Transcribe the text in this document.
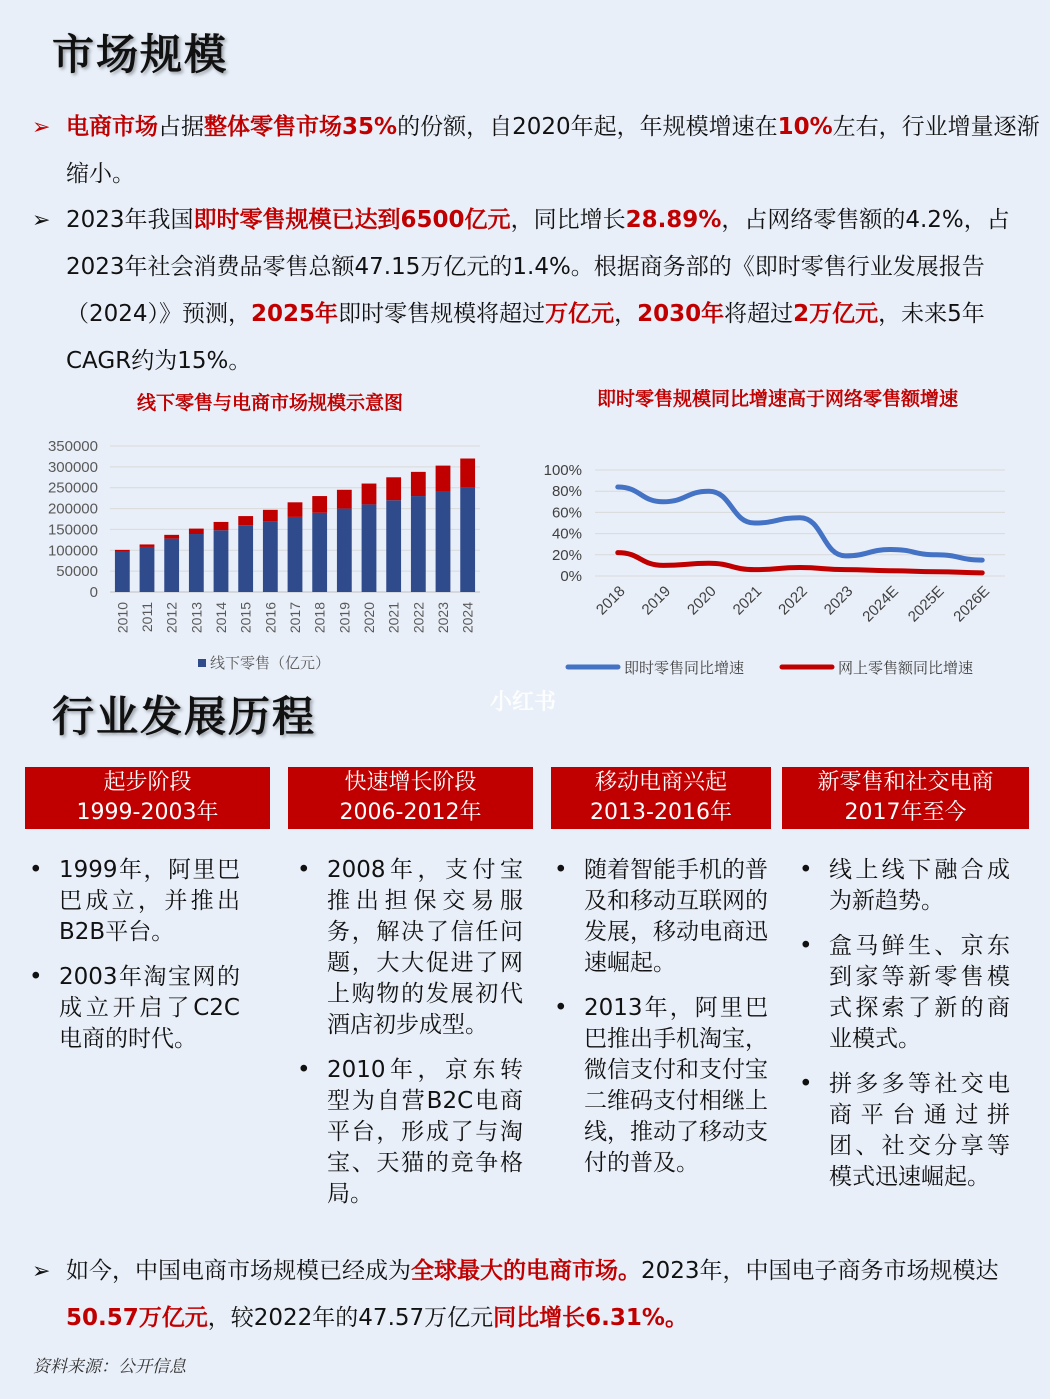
市场规模
➢ 电商市场占据整体零售市场35%的份额，自2020年起，年规模增速在10%左右，行业增量逐渐缩小。
➢ 2023年我国即时零售规模已达到6500亿元，同比增长28.89%，占网络零售额的4.2%，占2023年社会消费品零售总额47.15万亿元的1.4%。根据商务部的《即时零售行业发展报告（2024）》预测，2025年即时零售规模将超过万亿元，2030年将超过2万亿元，未来5年CAGR约为15%。
线下零售与电商市场规模示意图
0
50000
100000
150000
200000
250000
300000
350000
2010 2011 2012 2013 2014 2015 2016 2017 2018 2019 2020 2021 2022 2023 2024
线下零售（亿元）
即时零售规模同比增速高于网络零售额增速
0%
20%
40%
60%
80%
100%
2018 2019 2020 2021 2022 2023 2024E 2025E 2026E
即时零售同比增速	网上零售额同比增速
行业发展历程	小红书
起步阶段
1999-2003年
快速增长阶段
2006-2012年
移动电商兴起
2013-2016年
新零售和社交电商
2017年至今
• 1999年，阿里巴巴成立，并推出B2B平台。
• 2003年淘宝网的成立开启了C2C电商的时代。
• 2008年，支付宝推出担保交易服务，解决了信任问题，大大促进了网上购物的发展初代酒店初步成型。
• 2010年，京东转型为自营B2C电商平台，形成了与淘宝、天猫的竞争格局。
• 随着智能手机的普及和移动互联网的发展，移动电商迅速崛起。
• 2013年，阿里巴巴推出手机淘宝，微信支付和支付宝二维码支付相继上线，推动了移动支付的普及。
• 线上线下融合成为新趋势。
• 盒马鲜生、京东到家等新零售模式探索了新的商业模式。
• 拼多多等社交电商平台通过拼团、社交分享等模式迅速崛起。
➢ 如今，中国电商市场规模已经成为全球最大的电商市场。2023年，中国电子商务市场规模达50.57万亿元，较2022年的47.57万亿元同比增长6.31%。
资料来源：公开信息
